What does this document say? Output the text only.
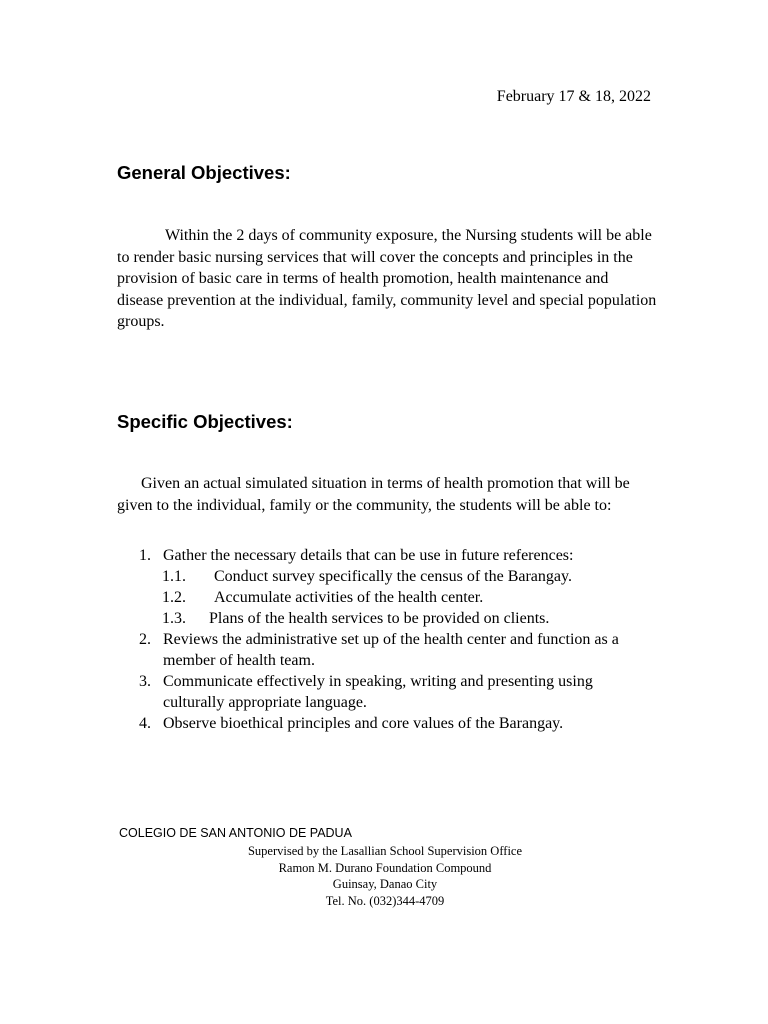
February 17 & 18, 2022
General Objectives:
Within the 2 days of community exposure, the Nursing students will be able to render basic nursing services that will cover the concepts and principles in the provision of basic care in terms of health promotion, health maintenance and disease prevention at the individual, family, community level and special population groups.
Specific Objectives:
Given an actual simulated situation in terms of health promotion that will be given to the individual, family or the community, the students will be able to:
1. Gather the necessary details that can be use in future references:
1.1. Conduct survey specifically the census of the Barangay.
1.2. Accumulate activities of the health center.
1.3. Plans of the health services to be provided on clients.
2. Reviews the administrative set up of the health center and function as a member of health team.
3. Communicate effectively in speaking, writing and presenting using culturally appropriate language.
4. Observe bioethical principles and core values of the Barangay.
COLEGIO DE SAN ANTONIO DE PADUA
Supervised by the Lasallian School Supervision Office
Ramon M. Durano Foundation Compound
Guinsay, Danao City
Tel. No. (032)344-4709
